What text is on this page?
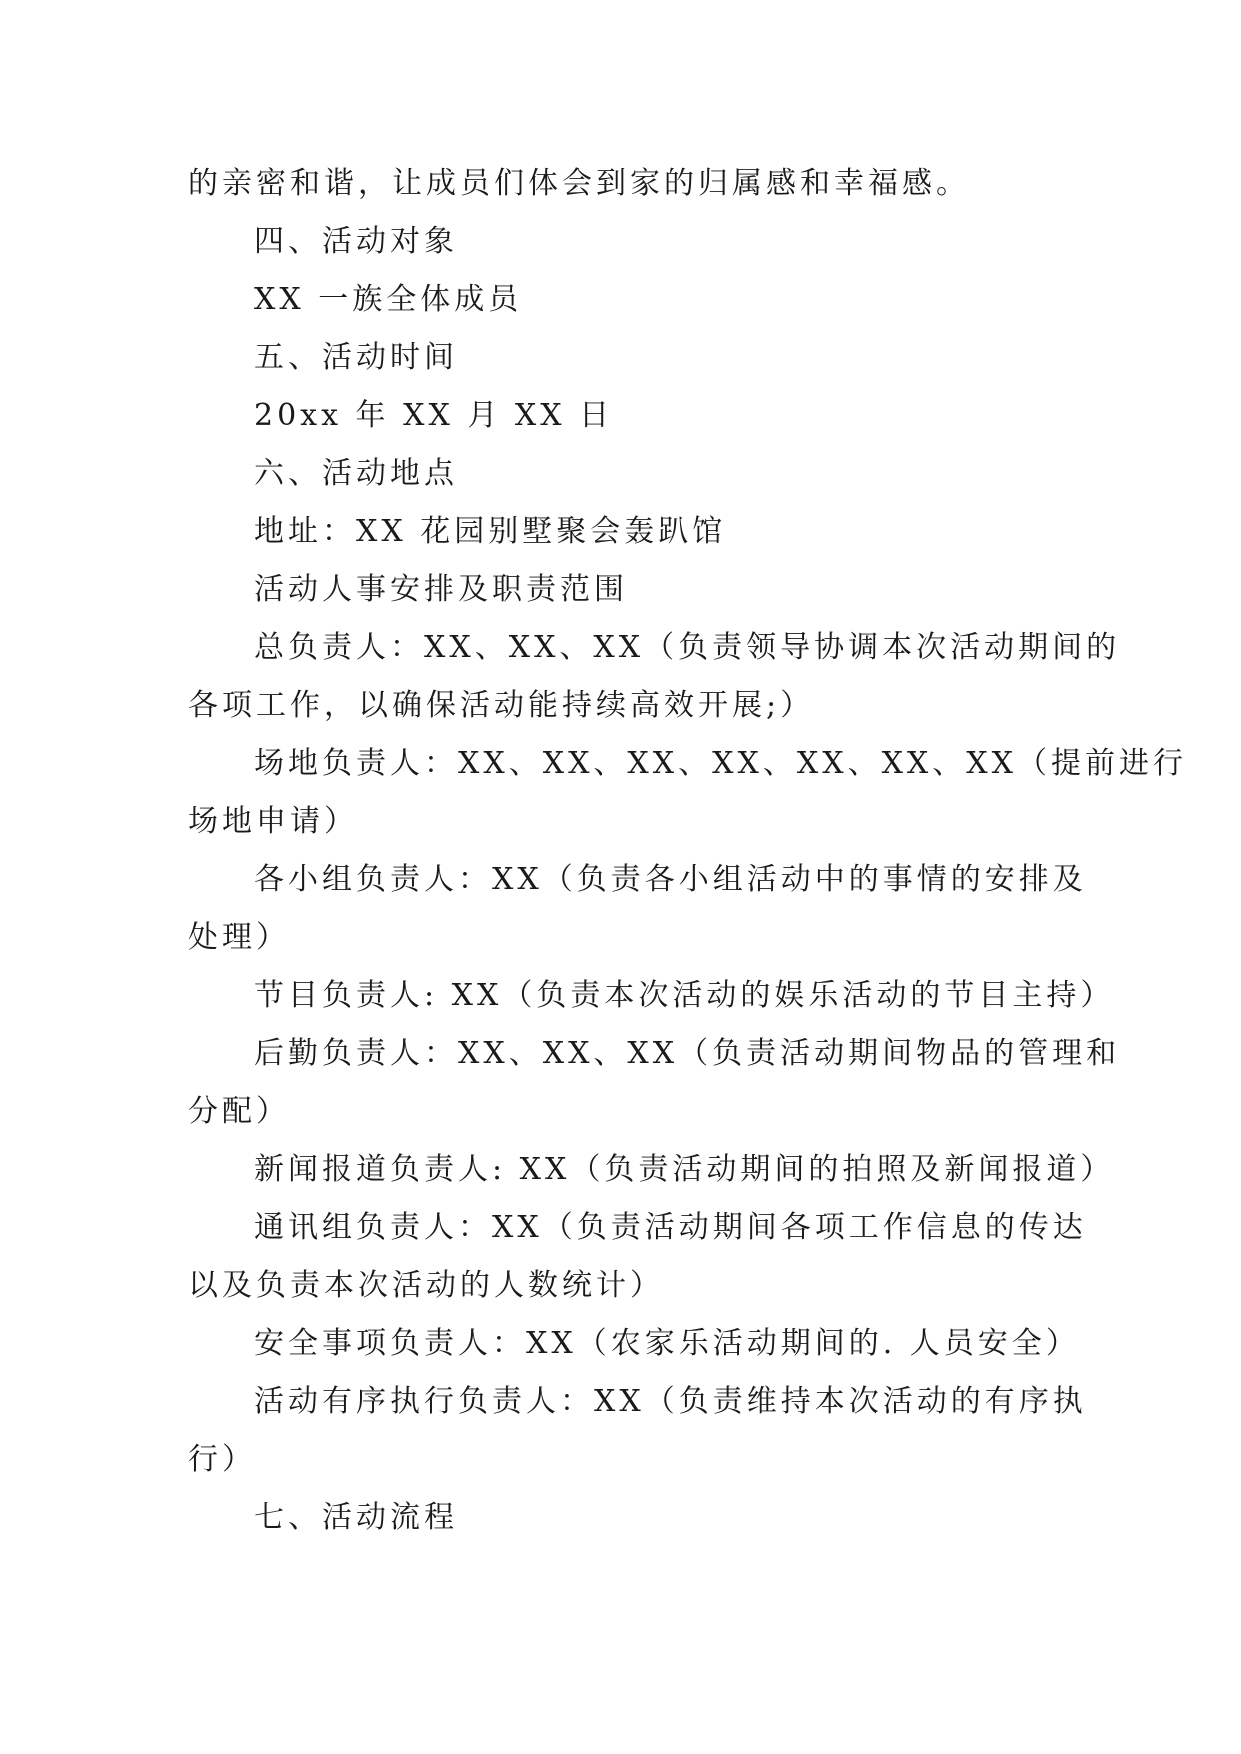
的亲密和谐，让成员们体会到家的归属感和幸福感。
四、活动对象
XX 一族全体成员
五、活动时间
20xx 年 XX 月 XX 日
六、活动地点
地址：XX 花园别墅聚会轰趴馆
活动人事安排及职责范围
总负责人：XX、XX、XX（负责领导协调本次活动期间的
各项工作，以确保活动能持续高效开展;）
场地负责人：XX、XX、XX、XX、XX、XX、XX（提前进行
场地申请）
各小组负责人：XX（负责各小组活动中的事情的安排及
处理）
节目负责人: XX（负责本次活动的娱乐活动的节目主持）
后勤负责人：XX、XX、XX（负责活动期间物品的管理和
分配）
新闻报道负责人: XX（负责活动期间的拍照及新闻报道）
通讯组负责人：XX（负责活动期间各项工作信息的传达
以及负责本次活动的人数统计）
安全事项负责人：XX（农家乐活动期间的. 人员安全）
活动有序执行负责人：XX（负责维持本次活动的有序执
行）
七、活动流程
